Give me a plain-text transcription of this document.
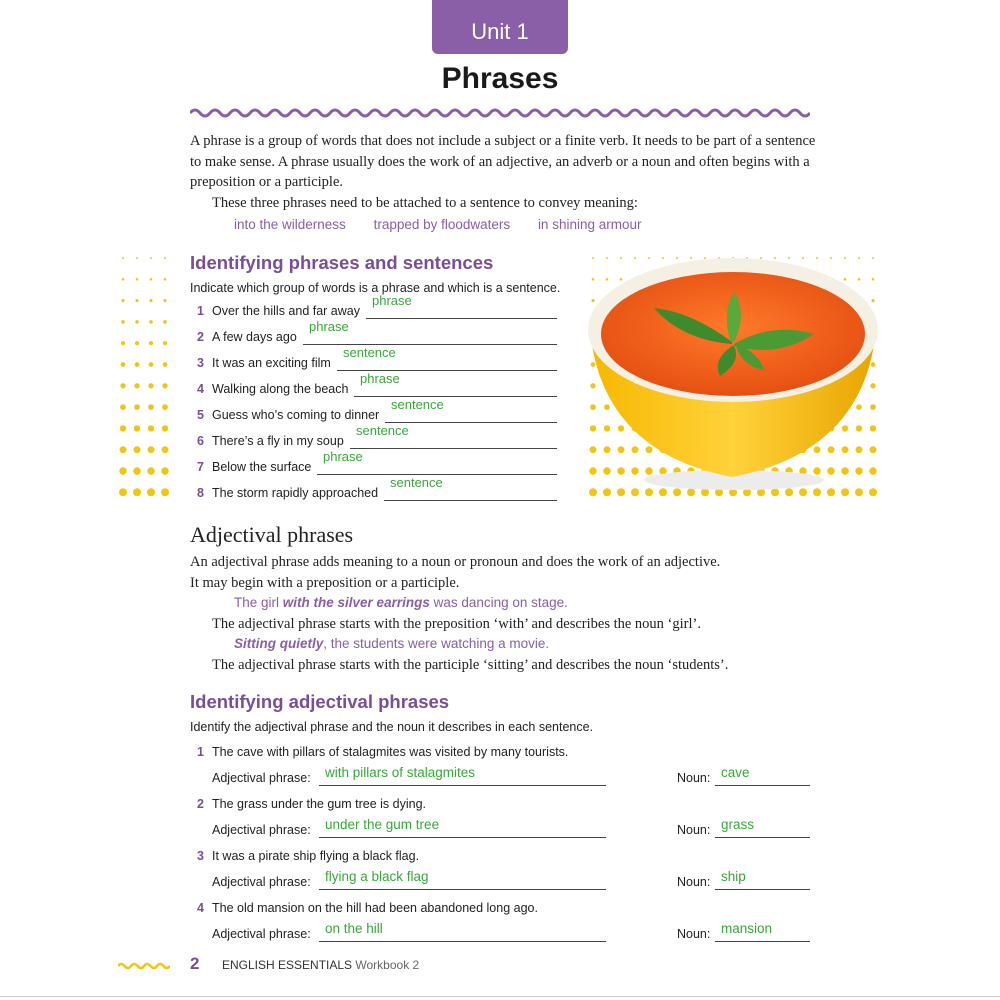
Unit 1
Phrases

A phrase is a group of words that does not include a subject or a finite verb. It needs to be part of a sentence to make sense. A phrase usually does the work of an adjective, an adverb or a noun and often begins with a preposition or a participle.

These three phrases need to be attached to a sentence to convey meaning:

into the wilderness trapped by floodwaters in shining armour
Identifying phrases and sentences
Indicate which group of words is a phrase and which is a sentence.
1 Over the hills and far away
phrase
2 A few days ago
phrase
3 It was an exciting film
sentence
4 Walking along the beach
phrase
5 Guess who’s coming to dinner
sentence
6 There’s a fly in my soup
sentence
7 Below the surface
phrase
8 The storm rapidly approached
sentence
Adjectival phrases

An adjectival phrase adds meaning to a noun or pronoun and does the work of an adjective.

It may begin with a preposition or a participle.

The girl with the silver earrings was dancing on stage.

The adjectival phrase starts with the preposition ‘with’ and describes the noun ‘girl’.

Sitting quietly, the students were watching a movie.

The adjectival phrase starts with the participle ‘sitting’ and describes the noun ‘students’.

Identifying adjectival phrases
Identify the adjectival phrase and the noun it describes in each sentence.
1 The cave with pillars of stalagmites was visited by many tourists.
Adjectival phrase: with pillars of stalagmites	Noun: cave
2 The grass under the gum tree is dying.
Adjectival phrase: under the gum tree	Noun: grass
3 It was a pirate ship flying a black flag.
Adjectival phrase: flying a black flag	Noun: ship
4 The old mansion on the hill had been abandoned long ago.
Adjectival phrase: on the hill	Noun: mansion
2 ENGLISH ESSENTIALS Workbook 2
